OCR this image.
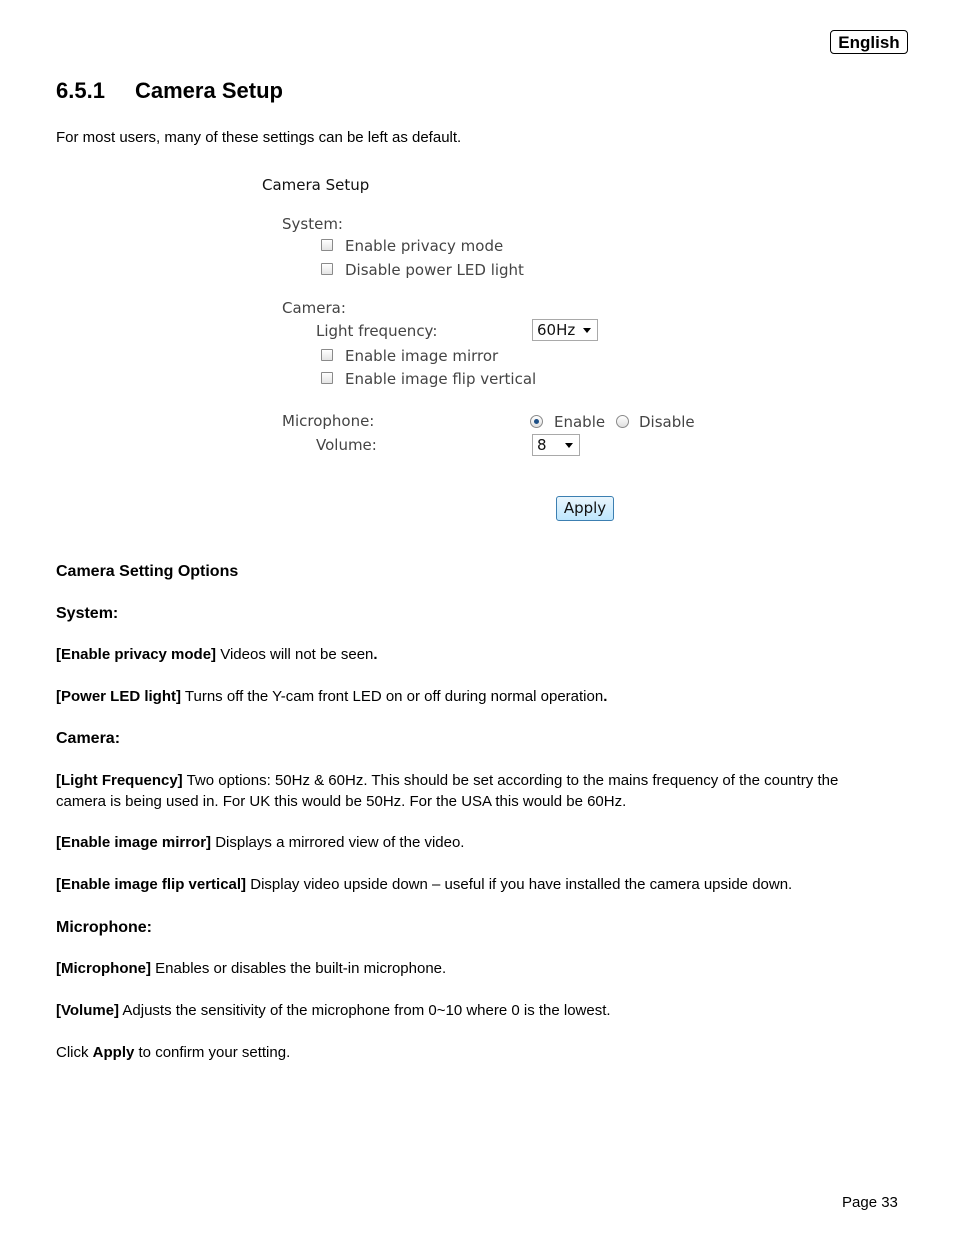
English
6.5.1 Camera Setup
For most users, many of these settings can be left as default.
Camera Setup
System:
Enable privacy mode
Disable power LED light
Camera:
Light frequency:	60Hz
Enable image mirror
Enable image flip vertical
Microphone:	Enable Disable
Volume:	8
Apply
Camera Setting Options
System:

[Enable privacy mode] Videos will not be seen.

[Power LED light] Turns off the Y-cam front LED on or off during normal operation.

Camera:

[Light Frequency] Two options: 50Hz & 60Hz. This should be set according to the mains frequency of the country the

camera is being used in. For UK this would be 50Hz. For the USA this would be 60Hz.

[Enable image mirror] Displays a mirrored view of the video.

[Enable image flip vertical] Display video upside down – useful if you have installed the camera upside down.

Microphone:

[Microphone] Enables or disables the built-in microphone.

[Volume] Adjusts the sensitivity of the microphone from 0~10 where 0 is the lowest.

Click Apply to confirm your setting.

Page 33
